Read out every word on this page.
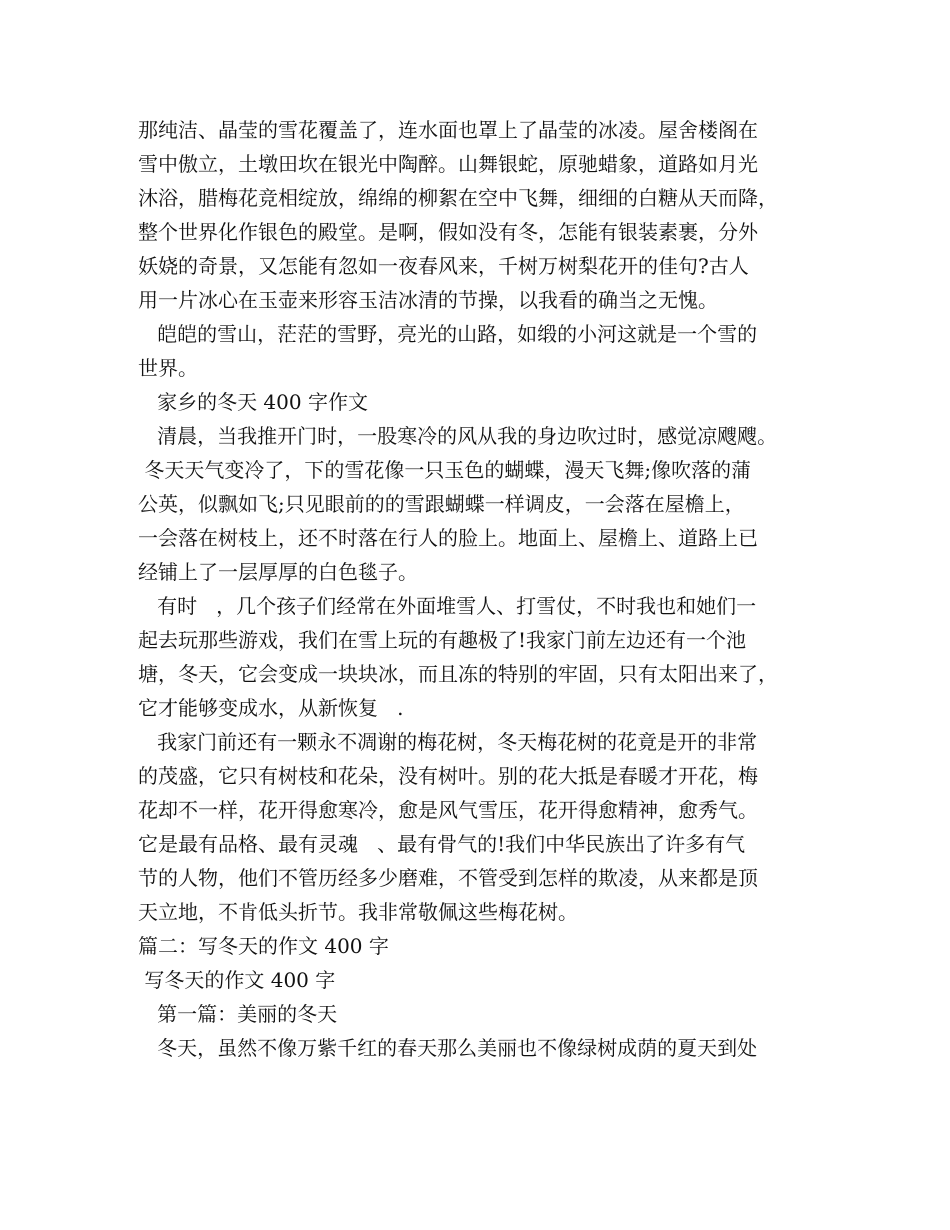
那纯洁、晶莹的雪花覆盖了，连水面也罩上了晶莹的冰凌。屋舍楼阁在

雪中傲立，土墩田坎在银光中陶醉。山舞银蛇，原驰蜡象，道路如月光

沐浴，腊梅花竞相绽放，绵绵的柳絮在空中飞舞，细细的白糖从天而降，

整个世界化作银色的殿堂。是啊，假如没有冬，怎能有银装素裹，分外

妖娆的奇景，又怎能有忽如一夜春风来，千树万树梨花开的佳句?古人

用一片冰心在玉壶来形容玉洁冰清的节操，以我看的确当之无愧。

皑皑的雪山，茫茫的雪野，亮光的山路，如缎的小河这就是一个雪的

世界。

家乡的冬天 400 字作文

清晨，当我推开门时，一股寒冷的风从我的身边吹过时，感觉凉飕飕。

冬天天气变冷了，下的雪花像一只玉色的蝴蝶，漫天飞舞;像吹落的蒲

公英，似飘如飞;只见眼前的的雪跟蝴蝶一样调皮，一会落在屋檐上，

一会落在树枝上，还不时落在行人的脸上。地面上、屋檐上、道路上已

经铺上了一层厚厚的白色毯子。

有时   ，几个孩子们经常在外面堆雪人、打雪仗，不时我也和她们一

起去玩那些游戏，我们在雪上玩的有趣极了!我家门前左边还有一个池

塘，冬天，它会变成一块块冰，而且冻的特别的牢固，只有太阳出来了，

它才能够变成水，从新恢复   .

我家门前还有一颗永不凋谢的梅花树，冬天梅花树的花竟是开的非常

的茂盛，它只有树枝和花朵，没有树叶。别的花大抵是春暖才开花，梅

花却不一样，花开得愈寒冷，愈是风气雪压，花开得愈精神，愈秀气。

它是最有品格、最有灵魂   、最有骨气的!我们中华民族出了许多有气

节的人物，他们不管历经多少磨难，不管受到怎样的欺凌，从来都是顶

天立地，不肯低头折节。我非常敬佩这些梅花树。

篇二：写冬天的作文 400 字

写冬天的作文 400 字

第一篇：美丽的冬天

冬天，虽然不像万紫千红的春天那么美丽也不像绿树成荫的夏天到处
